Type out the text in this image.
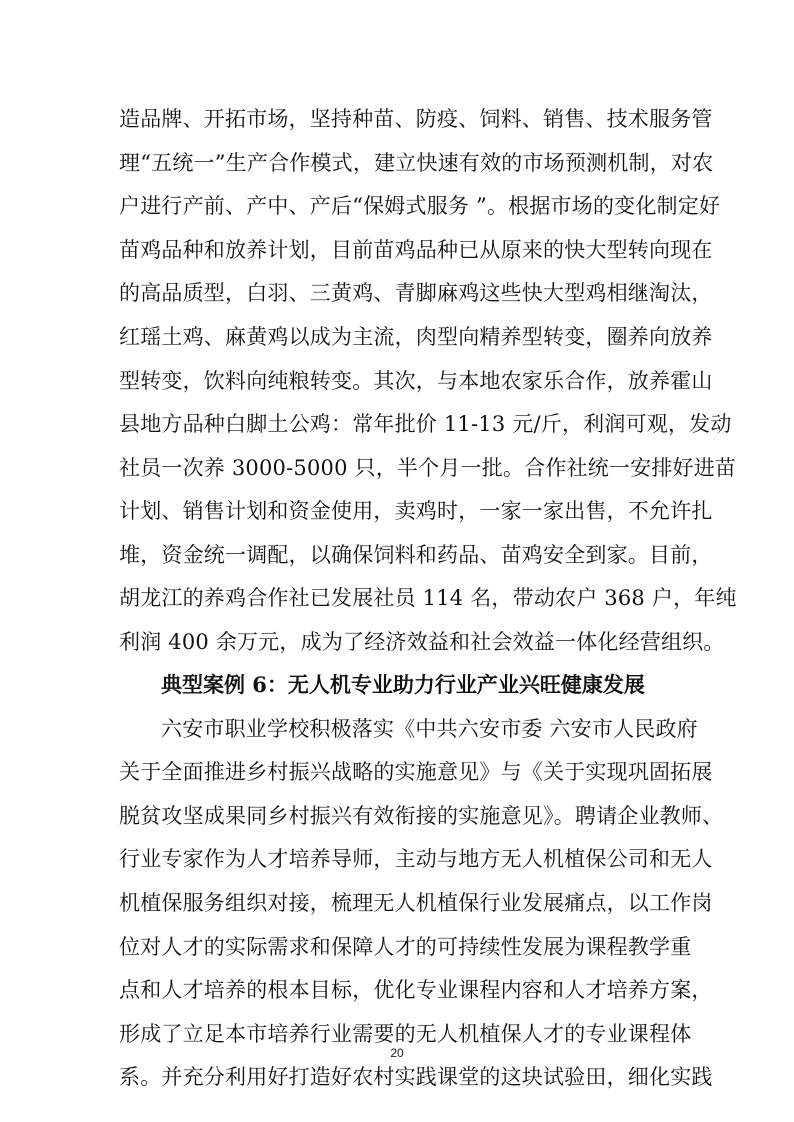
造品牌、开拓市场，坚持种苗、防疫、饲料、销售、技术服务管
理“五统一”生产合作模式，建立快速有效的市场预测机制，对农
户进行产前、产中、产后“保姆式服务 ”。根据市场的变化制定好
苗鸡品种和放养计划，目前苗鸡品种已从原来的快大型转向现在
的高品质型，白羽、三黄鸡、青脚麻鸡这些快大型鸡相继淘汰，
红瑶土鸡、麻黄鸡以成为主流，肉型向精养型转变，圈养向放养
型转变，饮料向纯粮转变。其次，与本地农家乐合作，放养霍山
县地方品种白脚土公鸡：常年批价 11-13 元/斤，利润可观，发动
社员一次养 3000-5000 只，半个月一批。合作社统一安排好进苗
计划、销售计划和资金使用，卖鸡时，一家一家出售，不允许扎
堆，资金统一调配，以确保饲料和药品、苗鸡安全到家。目前，
胡龙江的养鸡合作社已发展社员 114 名，带动农户 368 户，年纯
利润 400 余万元，成为了经济效益和社会效益一体化经营组织。
典型案例 6：无人机专业助力行业产业兴旺健康发展
六安市职业学校积极落实《中共六安市委 六安市人民政府
关于全面推进乡村振兴战略的实施意见》与《关于实现巩固拓展
脱贫攻坚成果同乡村振兴有效衔接的实施意见》。聘请企业教师、
行业专家作为人才培养导师，主动与地方无人机植保公司和无人
机植保服务组织对接，梳理无人机植保行业发展痛点，以工作岗
位对人才的实际需求和保障人才的可持续性发展为课程教学重
点和人才培养的根本目标，优化专业课程内容和人才培养方案，
形成了立足本市培养行业需要的无人机植保人才的专业课程体
系。并充分利用好打造好农村实践课堂的这块试验田，细化实践
20
